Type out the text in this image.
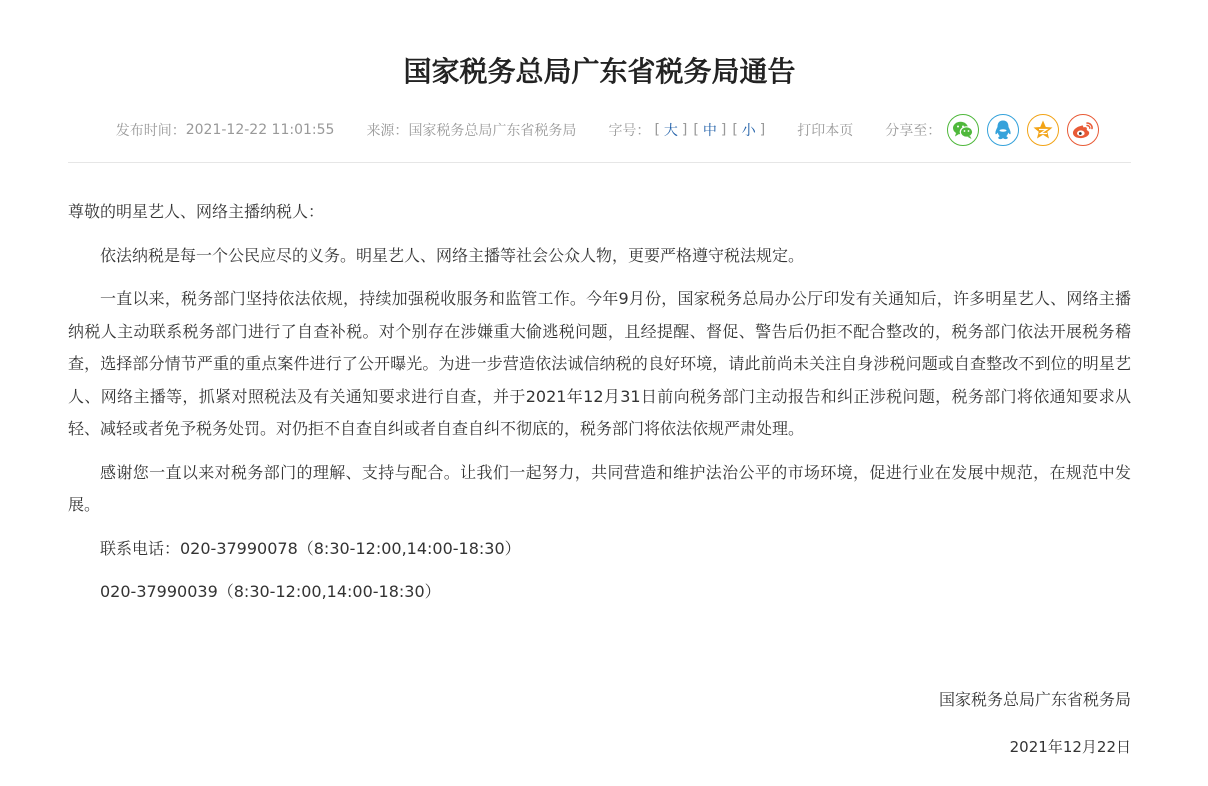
国家税务总局广东省税务局通告
发布时间： 2021-12-22 11:01:55 来源： 国家税务总局广东省税务局 字号： [ 大 ] [ 中 ] [ 小 ] 打印本页 分享至：

尊敬的明星艺人、网络主播纳税人：

依法纳税是每一个公民应尽的义务。明星艺人、网络主播等社会公众人物，更要严格遵守税法规定。

一直以来，税务部门坚持依法依规，持续加强税收服务和监管工作。今年9月份，国家税务总局办公厅印发有关通知后，许多明星艺人、网络主播纳税人主动联系税务部门进行了自查补税。对个别存在涉嫌重大偷逃税问题，且经提醒、督促、警告后仍拒不配合整改的，税务部门依法开展税务稽查，选择部分情节严重的重点案件进行了公开曝光。为进一步营造依法诚信纳税的良好环境，请此前尚未关注自身涉税问题或自查整改不到位的明星艺人、网络主播等，抓紧对照税法及有关通知要求进行自查，并于2021年12月31日前向税务部门主动报告和纠正涉税问题，税务部门将依通知要求从轻、减轻或者免予税务处罚。对仍拒不自查自纠或者自查自纠不彻底的，税务部门将依法依规严肃处理。

感谢您一直以来对税务部门的理解、支持与配合。让我们一起努力，共同营造和维护法治公平的市场环境，促进行业在发展中规范，在规范中发展。

联系电话：020-37990078（8:30-12:00,14:00-18:30）

020-37990039（8:30-12:00,14:00-18:30）

国家税务总局广东省税务局
2021年12月22日
